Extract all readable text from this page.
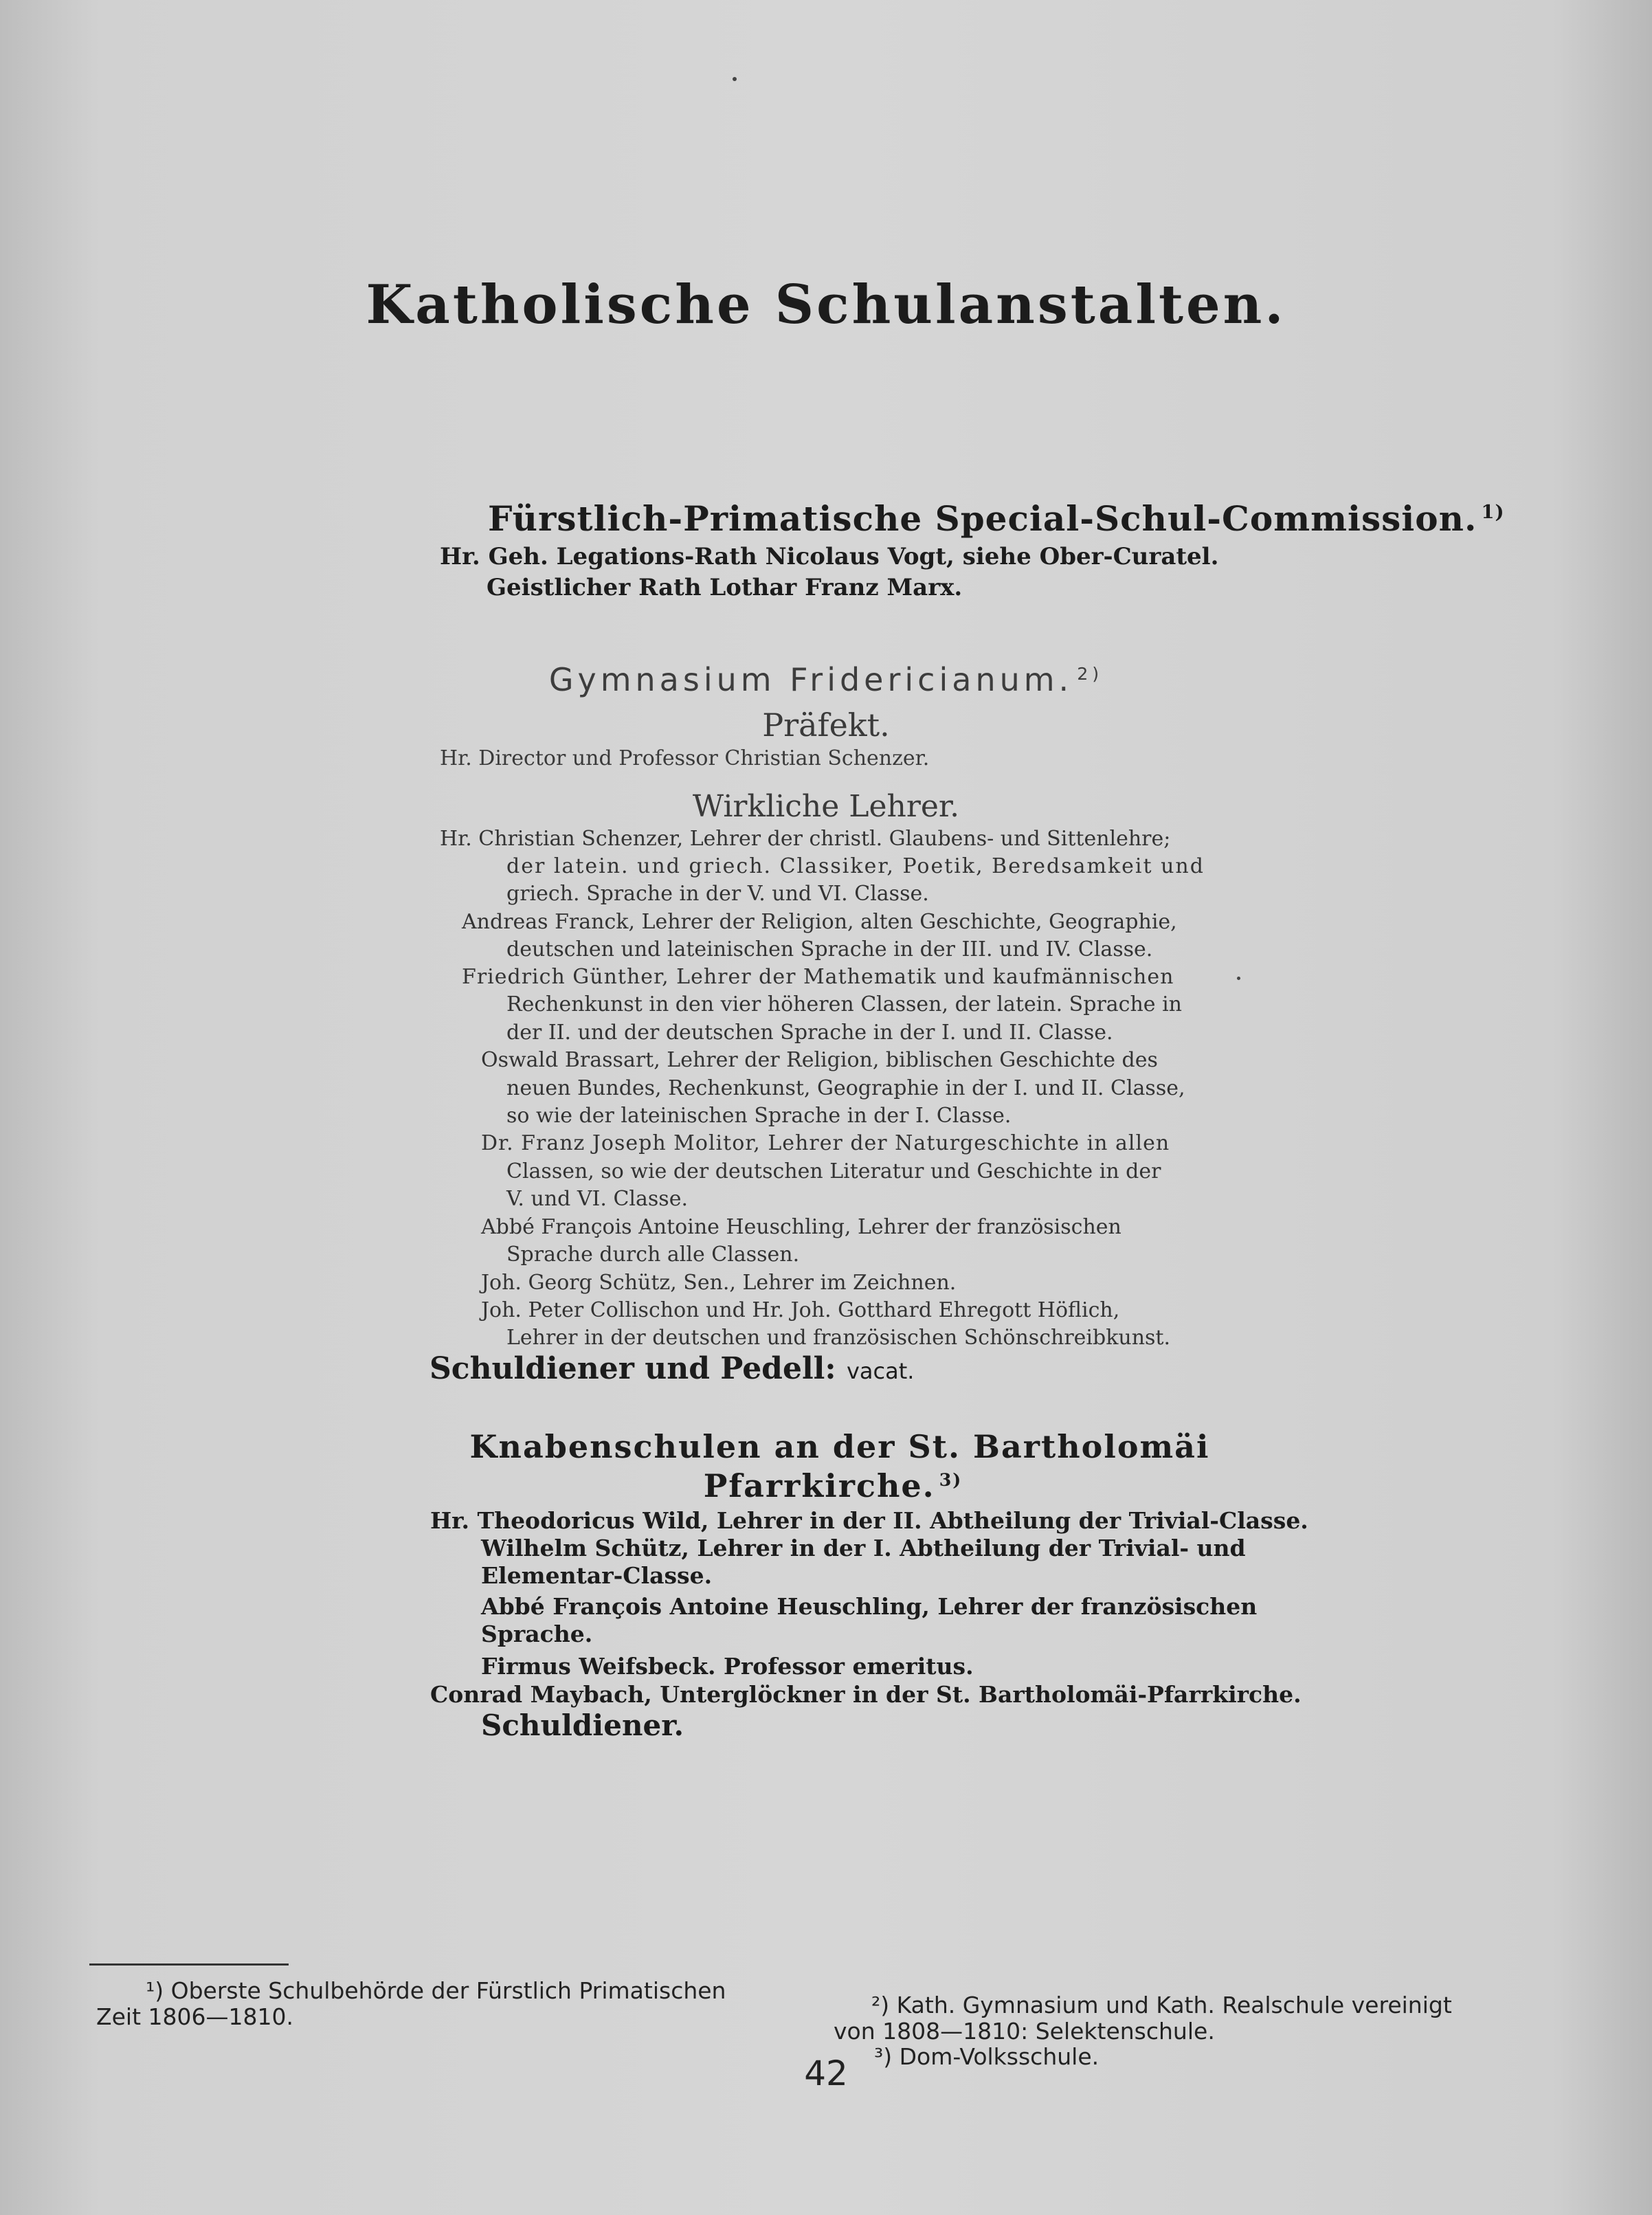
Katholische Schulanstalten.
Fürstlich-Primatische Special-Schul-Commission. $^{1)}$
Hr. Geh. Legations-Rath Nicolaus Vogt, siehe Ober-Curatel.
Geistlicher Rath Lothar Franz Marx.
Gymnasium Fridericianum. $^{2)}$
Präfekt.
Hr. Director und Professor Christian Schenzer.
Wirkliche Lehrer.
Hr. Christian Schenzer, Lehrer der christl. Glaubens- und Sittenlehre;
der latein. und griech. Classiker, Poetik, Beredsamkeit und
griech. Sprache in der V. und VI. Classe.
Andreas Franck, Lehrer der Religion, alten Geschichte, Geographie,
deutschen und lateinischen Sprache in der III. und IV. Classe.
Friedrich Günther, Lehrer der Mathematik und kaufmännischen
Rechenkunst in den vier höheren Classen, der latein. Sprache in
der II. und der deutschen Sprache in der I. und II. Classe.
Oswald Brassart, Lehrer der Religion, biblischen Geschichte des
neuen Bundes, Rechenkunst, Geographie in der I. und II. Classe,
so wie der lateinischen Sprache in der I. Classe.
Dr. Franz Joseph Molitor, Lehrer der Naturgeschichte in allen
Classen, so wie der deutschen Literatur und Geschichte in der
V. und VI. Classe.
Abbé François Antoine Heuschling, Lehrer der französischen
Sprache durch alle Classen.
Joh. Georg Schütz, Sen., Lehrer im Zeichnen.
Joh. Peter Collischon und Hr. Joh. Gotthard Ehregott Höflich,
Lehrer in der deutschen und französischen Schönschreibkunst.
Schuldiener und Pedell: vacat.
Knabenschulen an der St. Bartholomäi
Pfarrkirche. $^{3)}$
Hr. Theodoricus Wild, Lehrer in der II. Abtheilung der Trivial-Classe.
Wilhelm Schütz, Lehrer in der I. Abtheilung der Trivial- und
Elementar-Classe.
Abbé François Antoine Heuschling, Lehrer der französischen
Sprache.
Firmus Weifsbeck. Professor emeritus.
Conrad Maybach, Unterglöckner in der St. Bartholomäi-Pfarrkirche.
Schuldiener.
¹) Oberste Schulbehörde der Fürstlich Primatischen
Zeit 1806—1810.	²) Kath. Gymnasium und Kath. Realschule vereinigt
von 1808—1810: Selektenschule.
³) Dom-Volksschule.
42
